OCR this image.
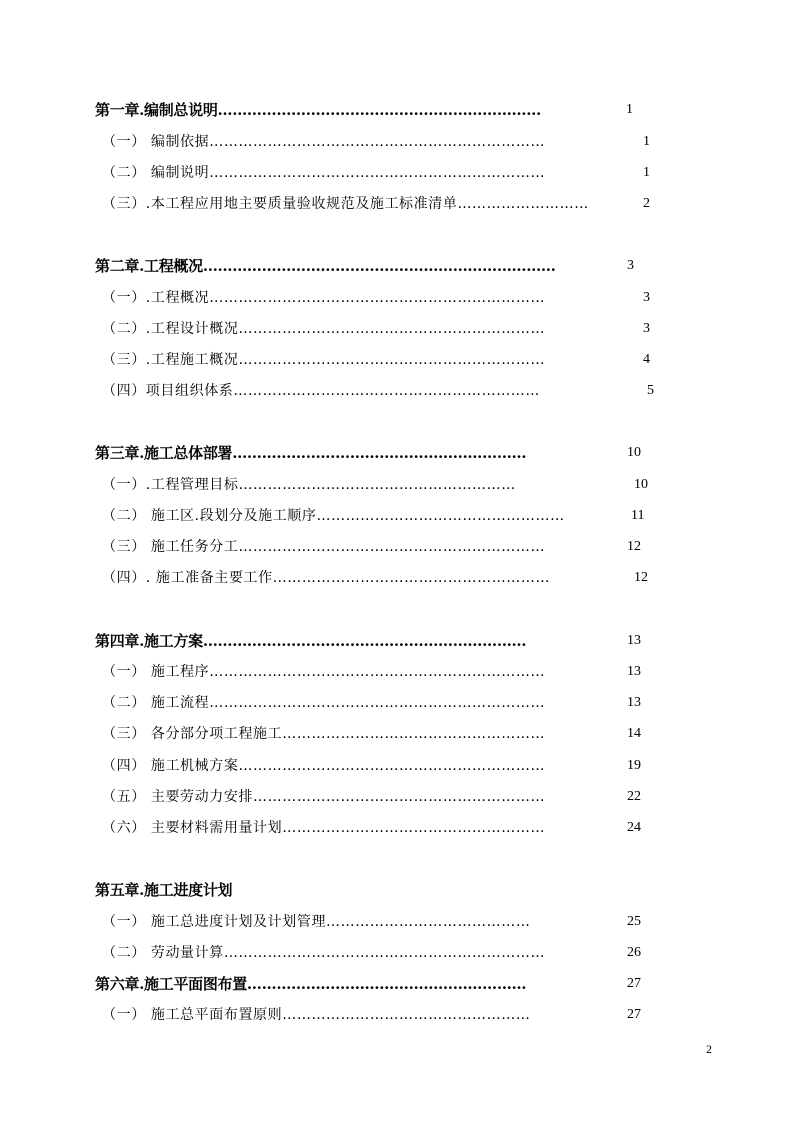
第一章.编制总说明…………………………………………………………	1
（一） 编制依据……………………………………………………………	1
（二） 编制说明……………………………………………………………	1
（三）.本工程应用地主要质量验收规范及施工标准清单………………………	2
第二章.工程概况………………………………………………………………	3
（一）.工程概况……………………………………………………………	3
（二）.工程设计概况………………………………………………………	3
（三）.工程施工概况………………………………………………………	4
（四）项目组织体系………………………………………………………	5
第三章.施工总体部署……………………………………………………	10
（一）.工程管理目标…………………………………………………	10
（二） 施工区.段划分及施工顺序……………………………………………	11
（三） 施工任务分工………………………………………………………	12
（四）. 施工准备主要工作…………………………………………………	12
第四章.施工方案…………………………………………………………	13
（一） 施工程序……………………………………………………………	13
（二） 施工流程……………………………………………………………	13
（三） 各分部分项工程施工………………………………………………	14
（四） 施工机械方案………………………………………………………	19
（五） 主要劳动力安排……………………………………………………	22
（六） 主要材料需用量计划………………………………………………	24
第五章.施工进度计划
（一） 施工总进度计划及计划管理……………………………………	25
（二） 劳动量计算…………………………………………………………	26
第六章.施工平面图布置…………………………………………………	27
（一） 施工总平面布置原则……………………………………………	27
2
